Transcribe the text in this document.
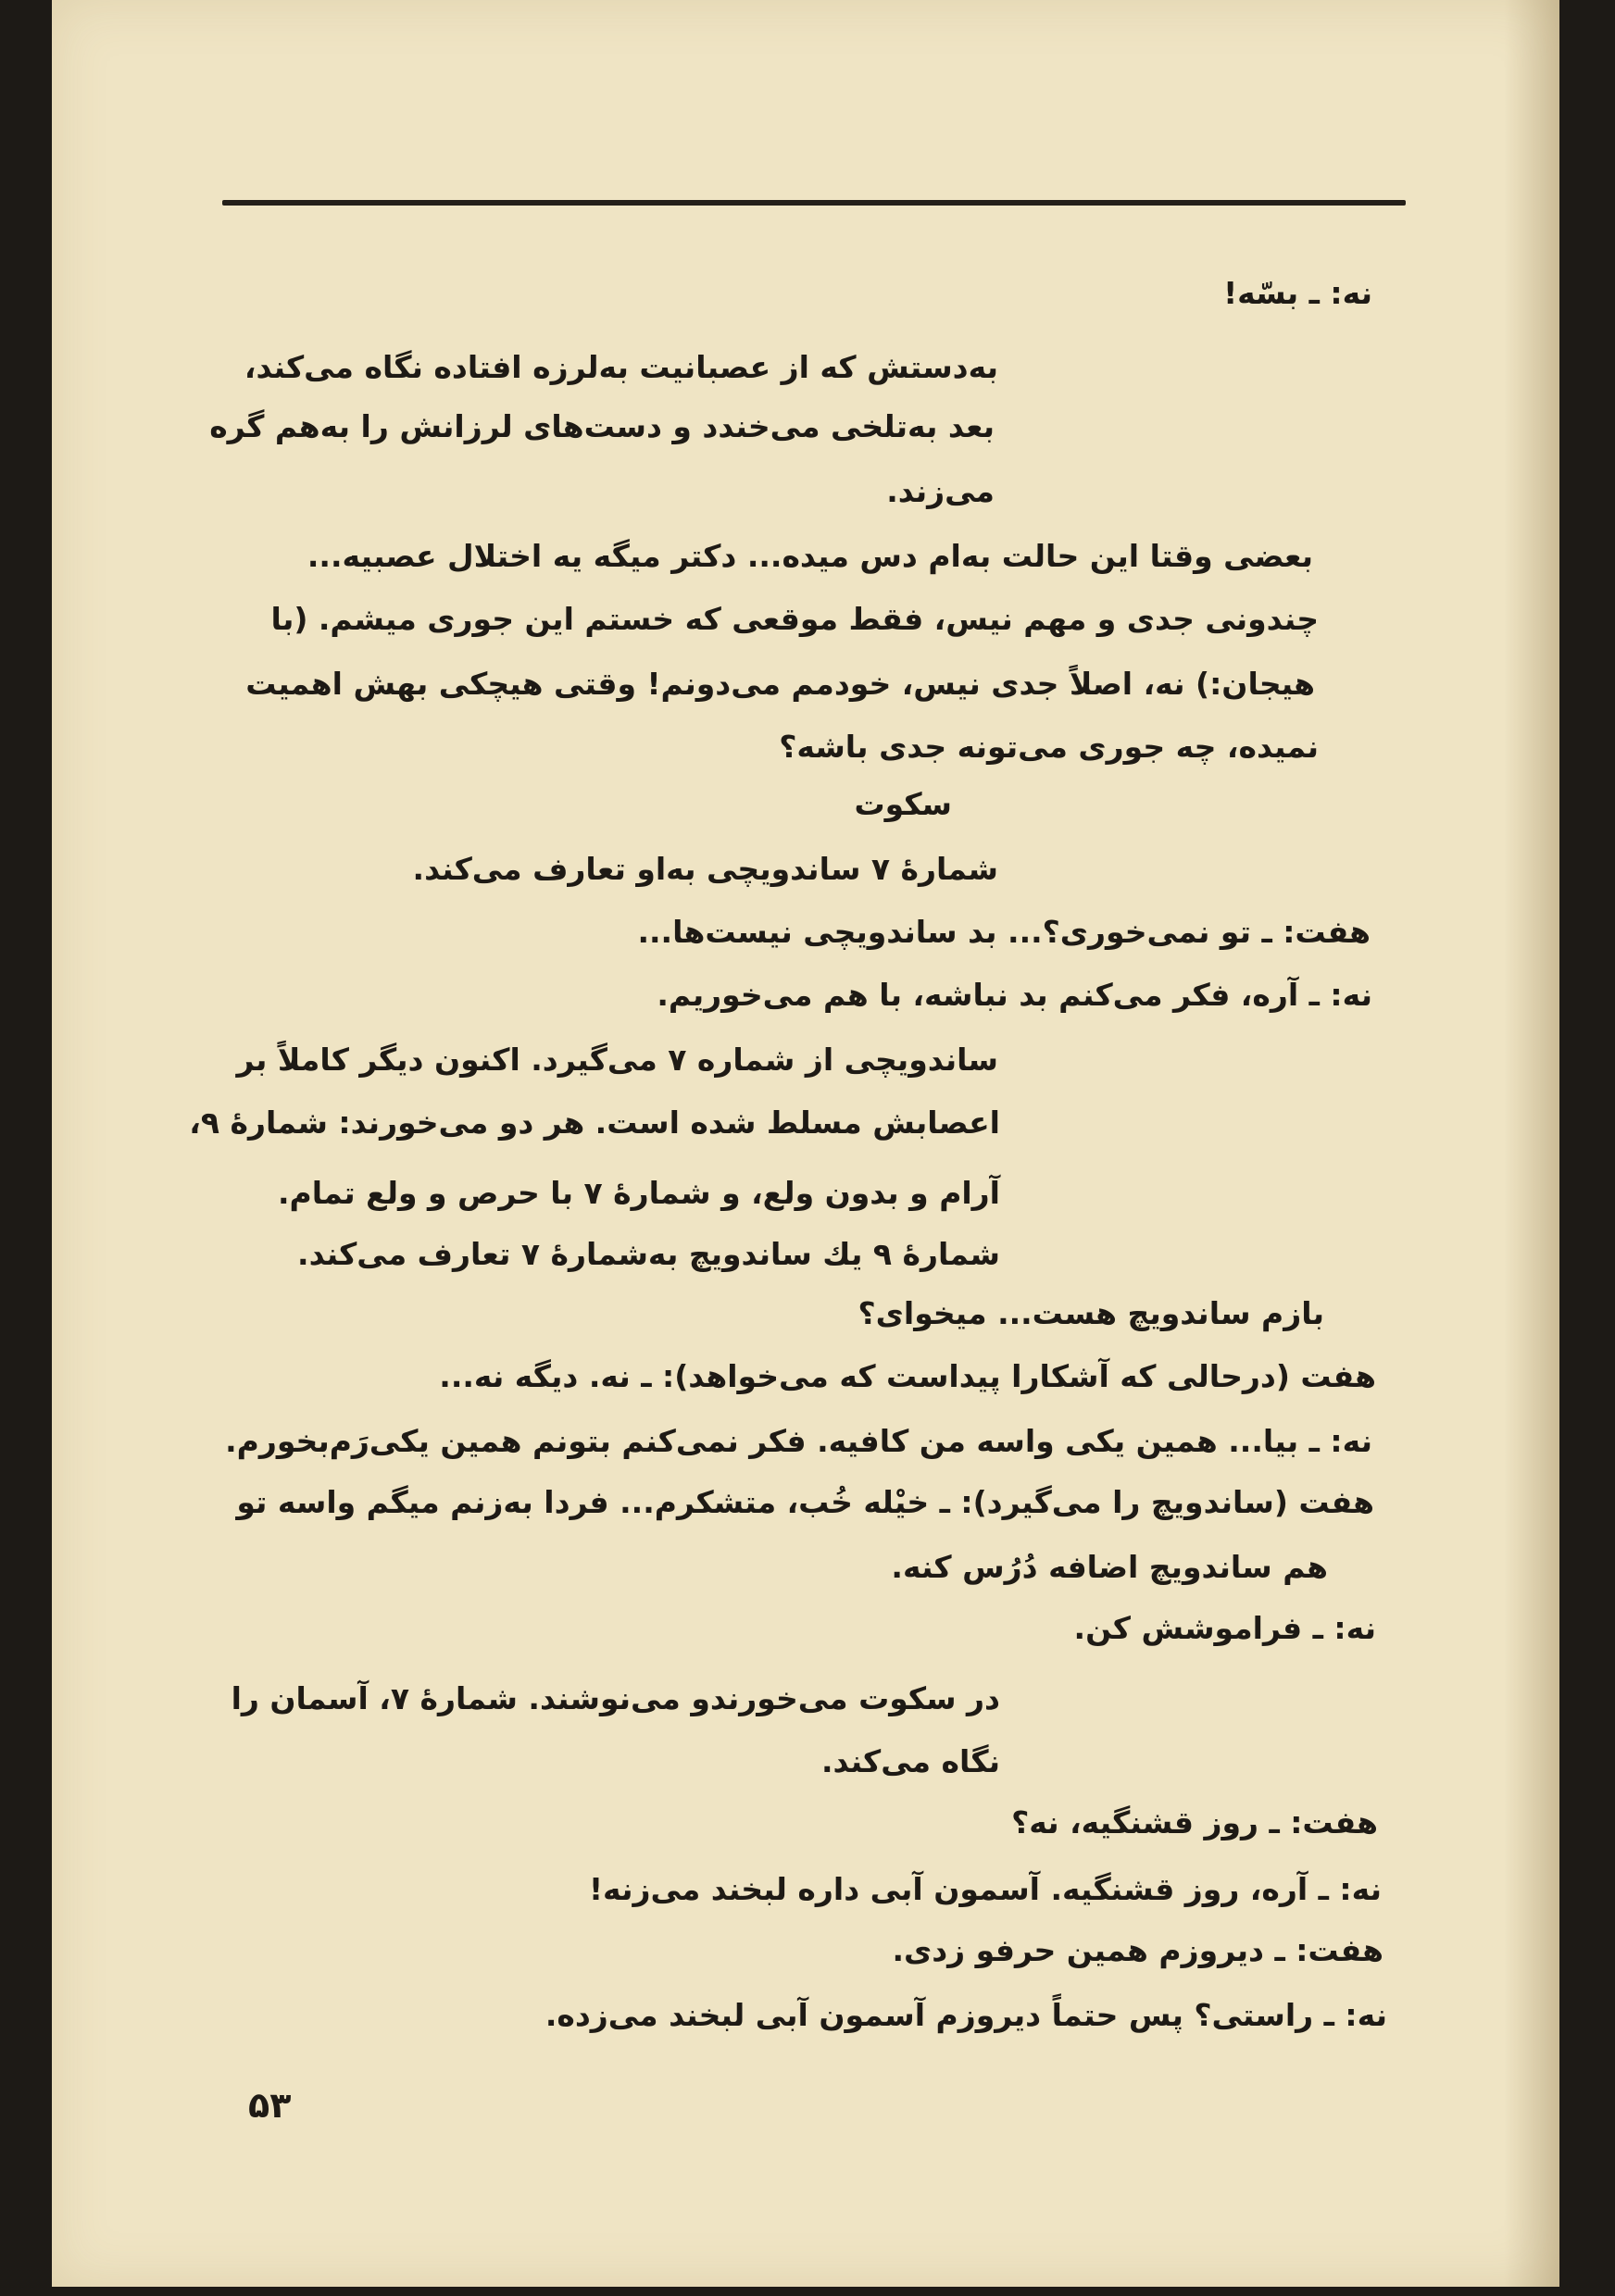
نه: ـ بسّه!
به‌دستش که از عصبانیت به‌لرزه افتاده نگاه می‌کند،
بعد به‌تلخی می‌خندد و دست‌های لرزانش را به‌هم گره
می‌زند.
بعضی وقتا این حالت به‌ام دس میده... دکتر میگه یه اختلال عصبیه...
چندونی جدی و مهم نیس، فقط موقعی که خستم این جوری میشم. (با
هیجان:) نه، اصلاً جدی نیس، خودمم می‌دونم! وقتی هیچکی بهش اهمیت
نمیده، چه جوری می‌تونه جدی باشه؟
سکوت
شمارۀ ۷ ساندویچی به‌او تعارف می‌کند.
هفت: ـ تو نمی‌خوری؟... بد ساندویچی نیست‌ها...
نه: ـ آره، فکر می‌کنم بد نباشه، با هم می‌خوریم.
ساندویچی از شماره ۷ می‌گیرد. اکنون دیگر کاملاً بر
اعصابش مسلط شده است. هر دو می‌خورند: شمارۀ ۹،
آرام و بدون ولع، و شمارۀ ۷ با حرص و ولع تمام.
شمارۀ ۹ یك ساندویچ به‌شمارۀ ۷ تعارف می‌کند.
بازم ساندویچ هست... میخوای؟
هفت (درحالی که آشکارا پیداست که می‌خواهد): ـ نه. دیگه نه...
نه: ـ بیا... همین یکی واسه من کافیه. فکر نمی‌کنم بتونم همین یکی‌رَم‌بخورم.
هفت (ساندویچ را می‌گیرد): ـ خیْله خُب، متشکرم... فردا به‌زنم میگم واسه تو
هم ساندویچ اضافه دُرُس کنه.
نه: ـ فراموشش کن.
در سکوت می‌خورندو می‌نوشند. شمارۀ ۷، آسمان را
نگاه می‌کند.
هفت: ـ روز قشنگیه، نه؟
نه: ـ آره، روز قشنگیه. آسمون آبی داره لبخند می‌زنه!
هفت: ـ دیروزم همین حرفو زدی.
نه: ـ راستی؟ پس حتماً دیروزم آسمون آبی لبخند می‌زده.
۵۳
